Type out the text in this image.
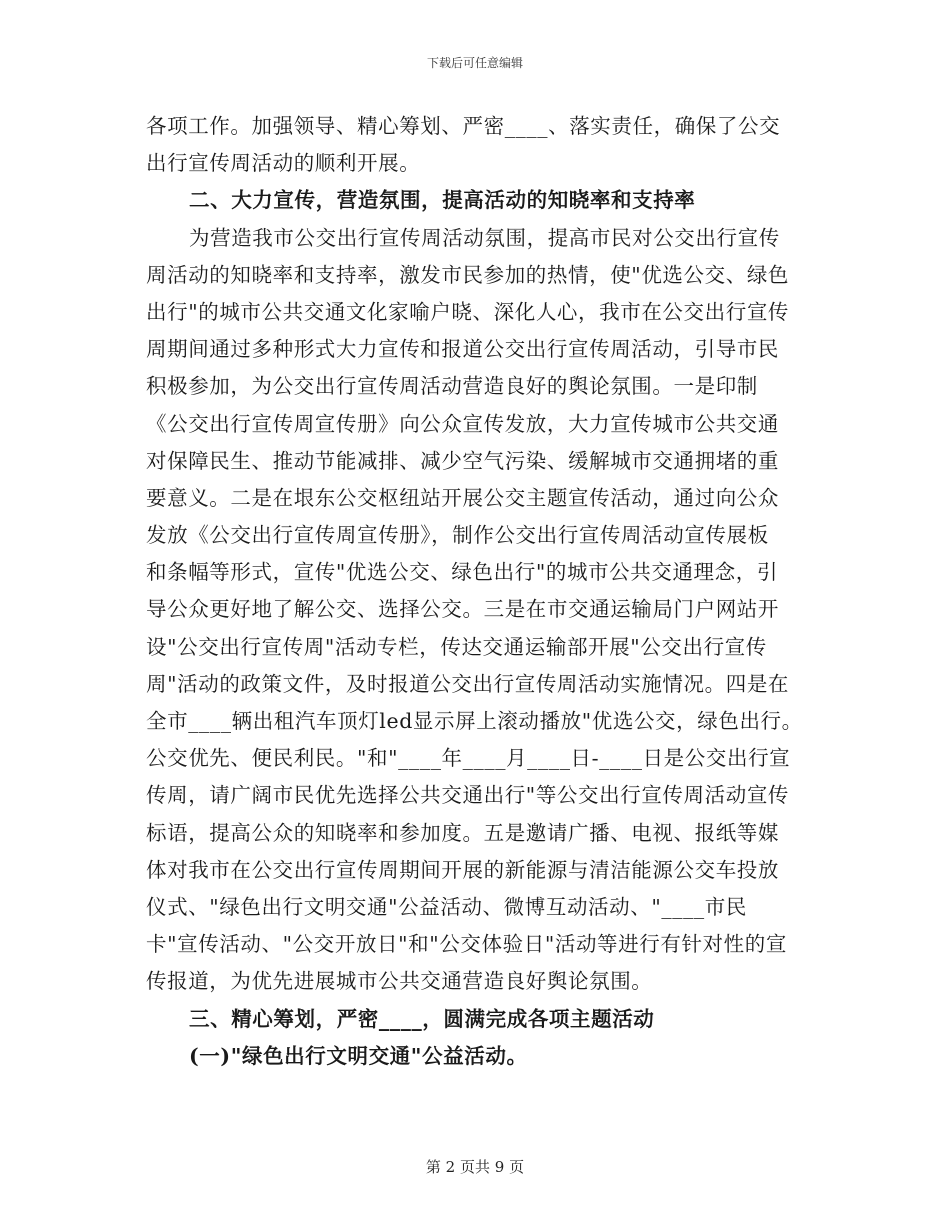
下载后可任意编辑
各项工作。加强领导、精心筹划、严密____、落实责任，确保了公交
出行宣传周活动的顺利开展。
二、大力宣传，营造氛围，提高活动的知晓率和支持率
为营造我市公交出行宣传周活动氛围，提高市民对公交出行宣传
周活动的知晓率和支持率，激发市民参加的热情，使"优选公交、绿色
出行"的城市公共交通文化家喻户晓、深化人心，我市在公交出行宣传
周期间通过多种形式大力宣传和报道公交出行宣传周活动，引导市民
积极参加，为公交出行宣传周活动营造良好的舆论氛围。一是印制
《公交出行宣传周宣传册》向公众宣传发放，大力宣传城市公共交通
对保障民生、推动节能减排、减少空气污染、缓解城市交通拥堵的重
要意义。二是在垠东公交枢纽站开展公交主题宣传活动，通过向公众
发放《公交出行宣传周宣传册》，制作公交出行宣传周活动宣传展板
和条幅等形式，宣传"优选公交、绿色出行"的城市公共交通理念，引
导公众更好地了解公交、选择公交。三是在市交通运输局门户网站开
设"公交出行宣传周"活动专栏，传达交通运输部开展"公交出行宣传
周"活动的政策文件，及时报道公交出行宣传周活动实施情况。四是在
全市____辆出租汽车顶灯led显示屏上滚动播放"优选公交，绿色出行。
公交优先、便民利民。"和"____年____月____日-____日是公交出行宣
传周，请广阔市民优先选择公共交通出行"等公交出行宣传周活动宣传
标语，提高公众的知晓率和参加度。五是邀请广播、电视、报纸等媒
体对我市在公交出行宣传周期间开展的新能源与清洁能源公交车投放
仪式、"绿色出行文明交通"公益活动、微博互动活动、"____市民
卡"宣传活动、"公交开放日"和"公交体验日"活动等进行有针对性的宣
传报道，为优先进展城市公共交通营造良好舆论氛围。
三、精心筹划，严密____，圆满完成各项主题活动
(一)"绿色出行文明交通"公益活动。
第 2 页共 9 页
